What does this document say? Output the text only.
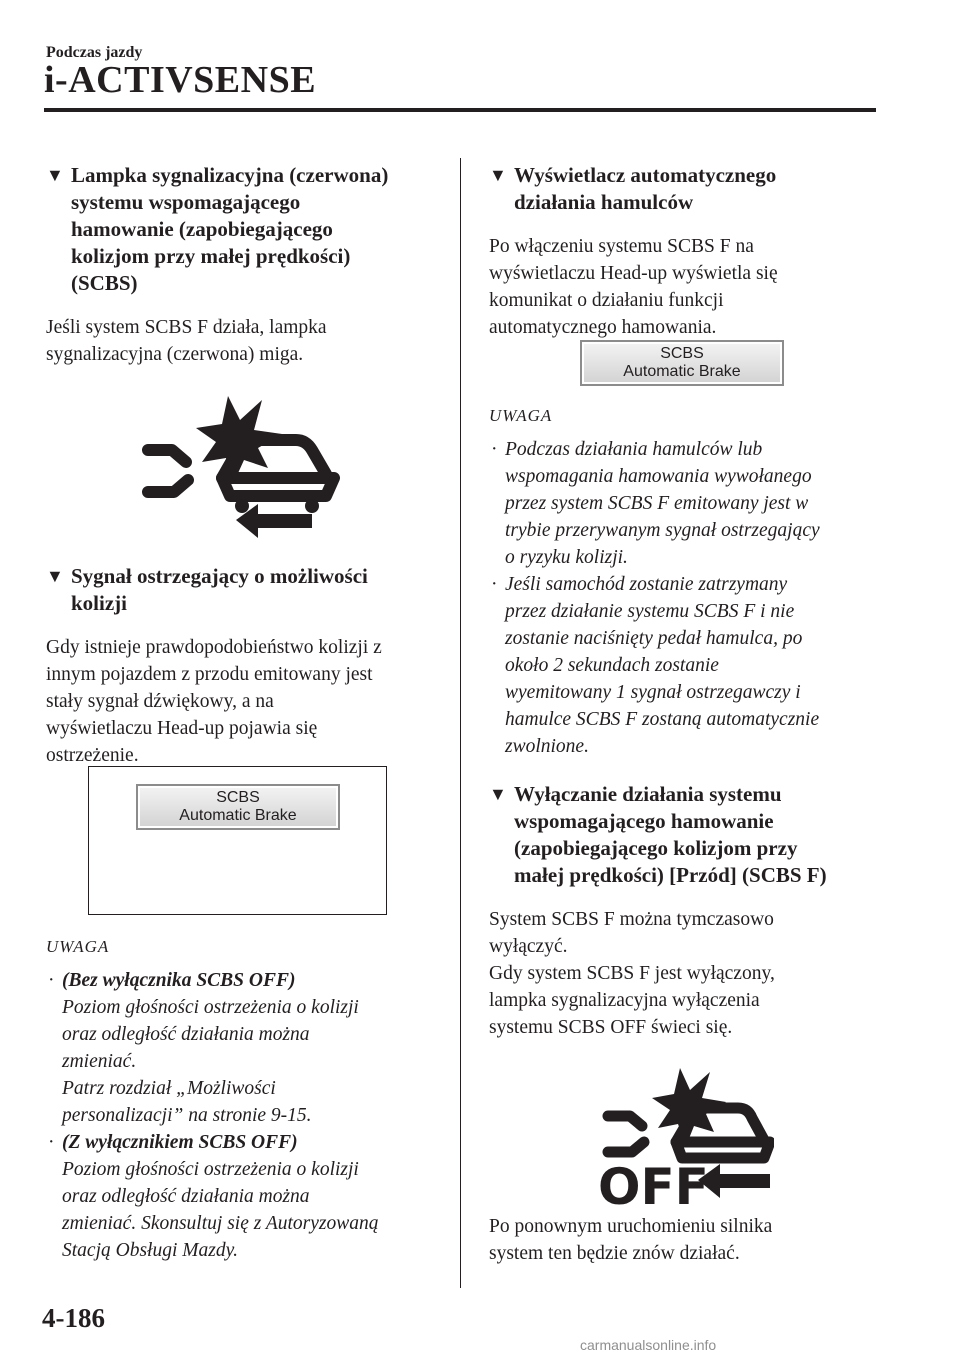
Podczas jazdy
i-ACTIVSENSE
▼ Lampka sygnalizacyjna (czerwona)
systemu wspomagającego
hamowanie (zapobiegającego
kolizjom przy małej prędkości)
(SCBS)

Jeśli system SCBS F działa, lampka
sygnalizacyjna (czerwona) miga.

▼ Sygnał ostrzegający o możliwości
kolizji

Gdy istnieje prawdopodobieństwo kolizji z
innym pojazdem z przodu emitowany jest
stały sygnał dźwiękowy, a na
wyświetlaczu Head-up pojawia się
ostrzeżenie.

SCBS
Automatic Brake
UWAGA
· (Bez wyłącznika SCBS OFF)
Poziom głośności ostrzeżenia o kolizji
oraz odległość działania można
zmieniać.
Patrz rozdział „Możliwości
personalizacji” na stronie 9-15.
· (Z wyłącznikiem SCBS OFF)
Poziom głośności ostrzeżenia o kolizji
oraz odległość działania można
zmieniać. Skonsultuj się z Autoryzowaną
Stacją Obsługi Mazdy.
▼ Wyświetlacz automatycznego
działania hamulców

Po włączeniu systemu SCBS F na
wyświetlaczu Head-up wyświetla się
komunikat o działaniu funkcji
automatycznego hamowania.

SCBS
Automatic Brake
UWAGA
· Podczas działania hamulców lub
wspomagania hamowania wywołanego
przez system SCBS F emitowany jest w
trybie przerywanym sygnał ostrzegający
o ryzyku kolizji.
· Jeśli samochód zostanie zatrzymany
przez działanie systemu SCBS F i nie
zostanie naciśnięty pedał hamulca, po
około 2 sekundach zostanie
wyemitowany 1 sygnał ostrzegawczy i
hamulce SCBS F zostaną automatycznie
zwolnione.
▼ Wyłączanie działania systemu
wspomagającego hamowanie
(zapobiegającego kolizjom przy
małej prędkości) [Przód] (SCBS F)

System SCBS F można tymczasowo
wyłączyć.
Gdy system SCBS F jest wyłączony,
lampka sygnalizacyjna wyłączenia
systemu SCBS OFF świeci się.

OFF

Po ponownym uruchomieniu silnika
system ten będzie znów działać.

4-186
carmanualsonline.info
